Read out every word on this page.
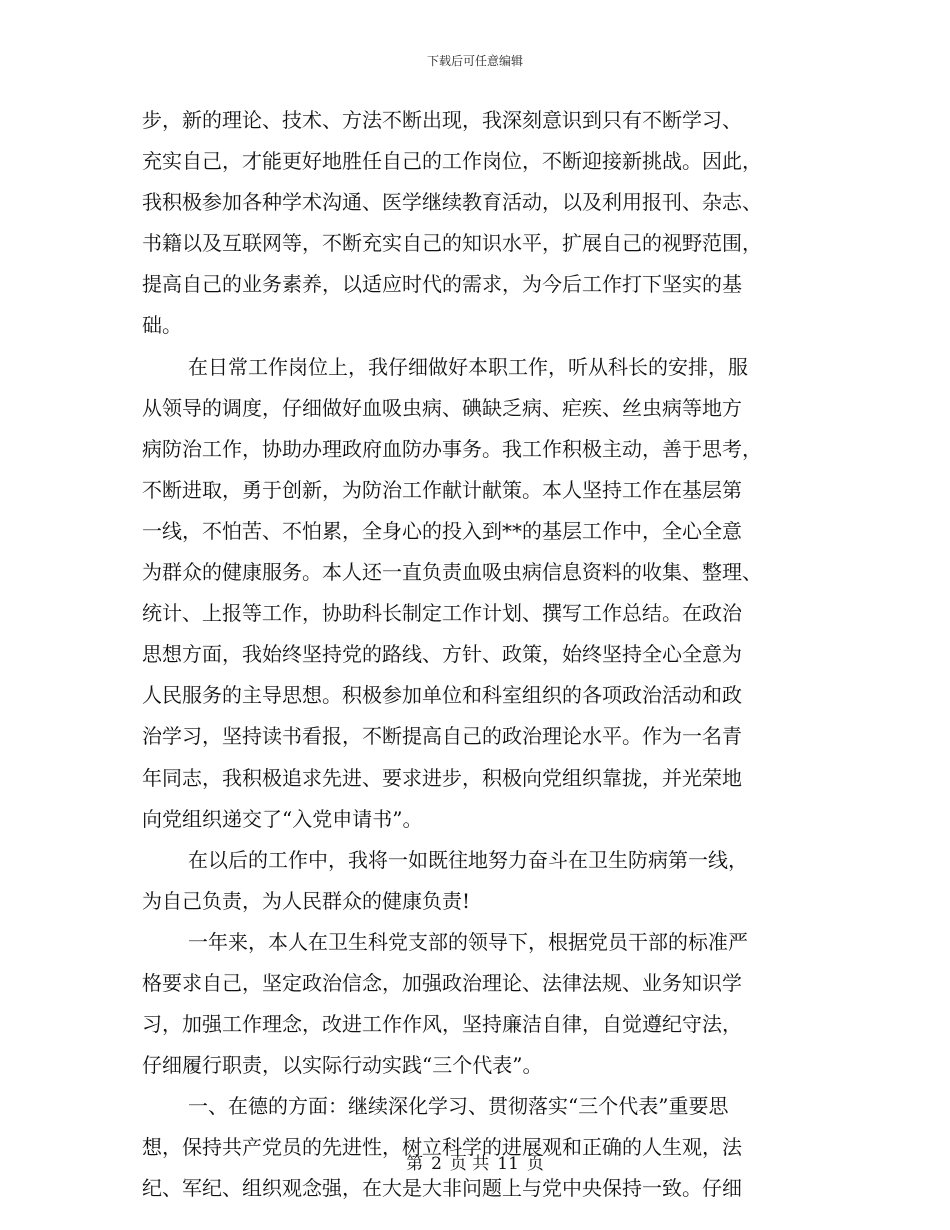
下载后可任意编辑
步，新的理论、技术、方法不断出现，我深刻意识到只有不断学习、
充实自己，才能更好地胜任自己的工作岗位，不断迎接新挑战。因此，
我积极参加各种学术沟通、医学继续教育活动，以及利用报刊、杂志、
书籍以及互联网等，不断充实自己的知识水平，扩展自己的视野范围，
提高自己的业务素养，以适应时代的需求，为今后工作打下坚实的基
础。
在日常工作岗位上，我仔细做好本职工作，听从科长的安排，服
从领导的调度，仔细做好血吸虫病、碘缺乏病、疟疾、丝虫病等地方
病防治工作，协助办理政府血防办事务。我工作积极主动，善于思考，
不断进取，勇于创新，为防治工作献计献策。本人坚持工作在基层第
一线，不怕苦、不怕累，全身心的投入到**的基层工作中，全心全意
为群众的健康服务。本人还一直负责血吸虫病信息资料的收集、整理、
统计、上报等工作，协助科长制定工作计划、撰写工作总结。在政治
思想方面，我始终坚持党的路线、方针、政策，始终坚持全心全意为
人民服务的主导思想。积极参加单位和科室组织的各项政治活动和政
治学习，坚持读书看报，不断提高自己的政治理论水平。作为一名青
年同志，我积极追求先进、要求进步，积极向党组织靠拢，并光荣地
向党组织递交了“入党申请书”。
在以后的工作中，我将一如既往地努力奋斗在卫生防病第一线，
为自己负责，为人民群众的健康负责!
一年来，本人在卫生科党支部的领导下，根据党员干部的标准严
格要求自己，坚定政治信念，加强政治理论、法律法规、业务知识学
习，加强工作理念，改进工作作风，坚持廉洁自律，自觉遵纪守法，
仔细履行职责，以实际行动实践“三个代表”。
一、在德的方面：继续深化学习、贯彻落实“三个代表”重要思
想，保持共产党员的先进性，树立科学的进展观和正确的人生观，法
纪、军纪、组织观念强，在大是大非问题上与党中央保持一致。仔细
第 2 页 共 11 页
